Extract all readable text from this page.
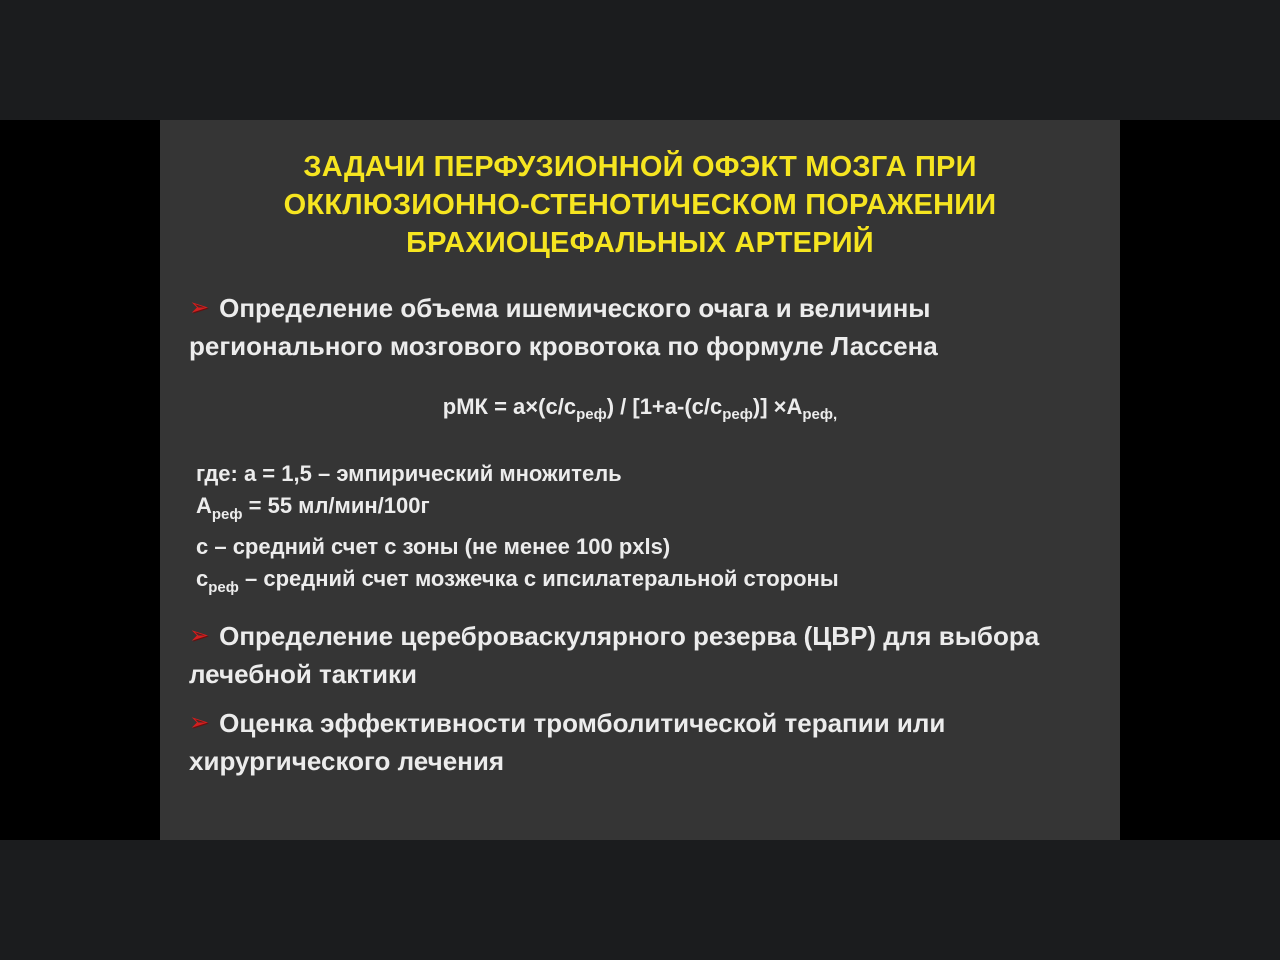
ЗАДАЧИ ПЕРФУЗИОННОЙ ОФЭКТ МОЗГА ПРИ
ОККЛЮЗИОННО-СТЕНОТИЧЕСКОМ ПОРАЖЕНИИ
БРАХИОЦЕФАЛЬНЫХ АРТЕРИЙ
➢ Определение объема ишемического очага и величины регионального мозгового кровотока по формуле Лассена
рМК = $a\times(c/c_{реф}) / [1+a-(c/c_{реф})] \times A_{реф,}$
где: a = 1,5 – эмпирический множитель
$A_{реф} = 55$ мл/мин/100г
c – средний счет с зоны (не менее 100 pxls)
$c_{реф}$ – средний счет мозжечка с ипсилатеральной стороны
➢ Определение цереброваскулярного резерва (ЦВР) для выбора лечебной тактики
➢ Оценка эффективности тромболитической терапии или хирургического лечения
